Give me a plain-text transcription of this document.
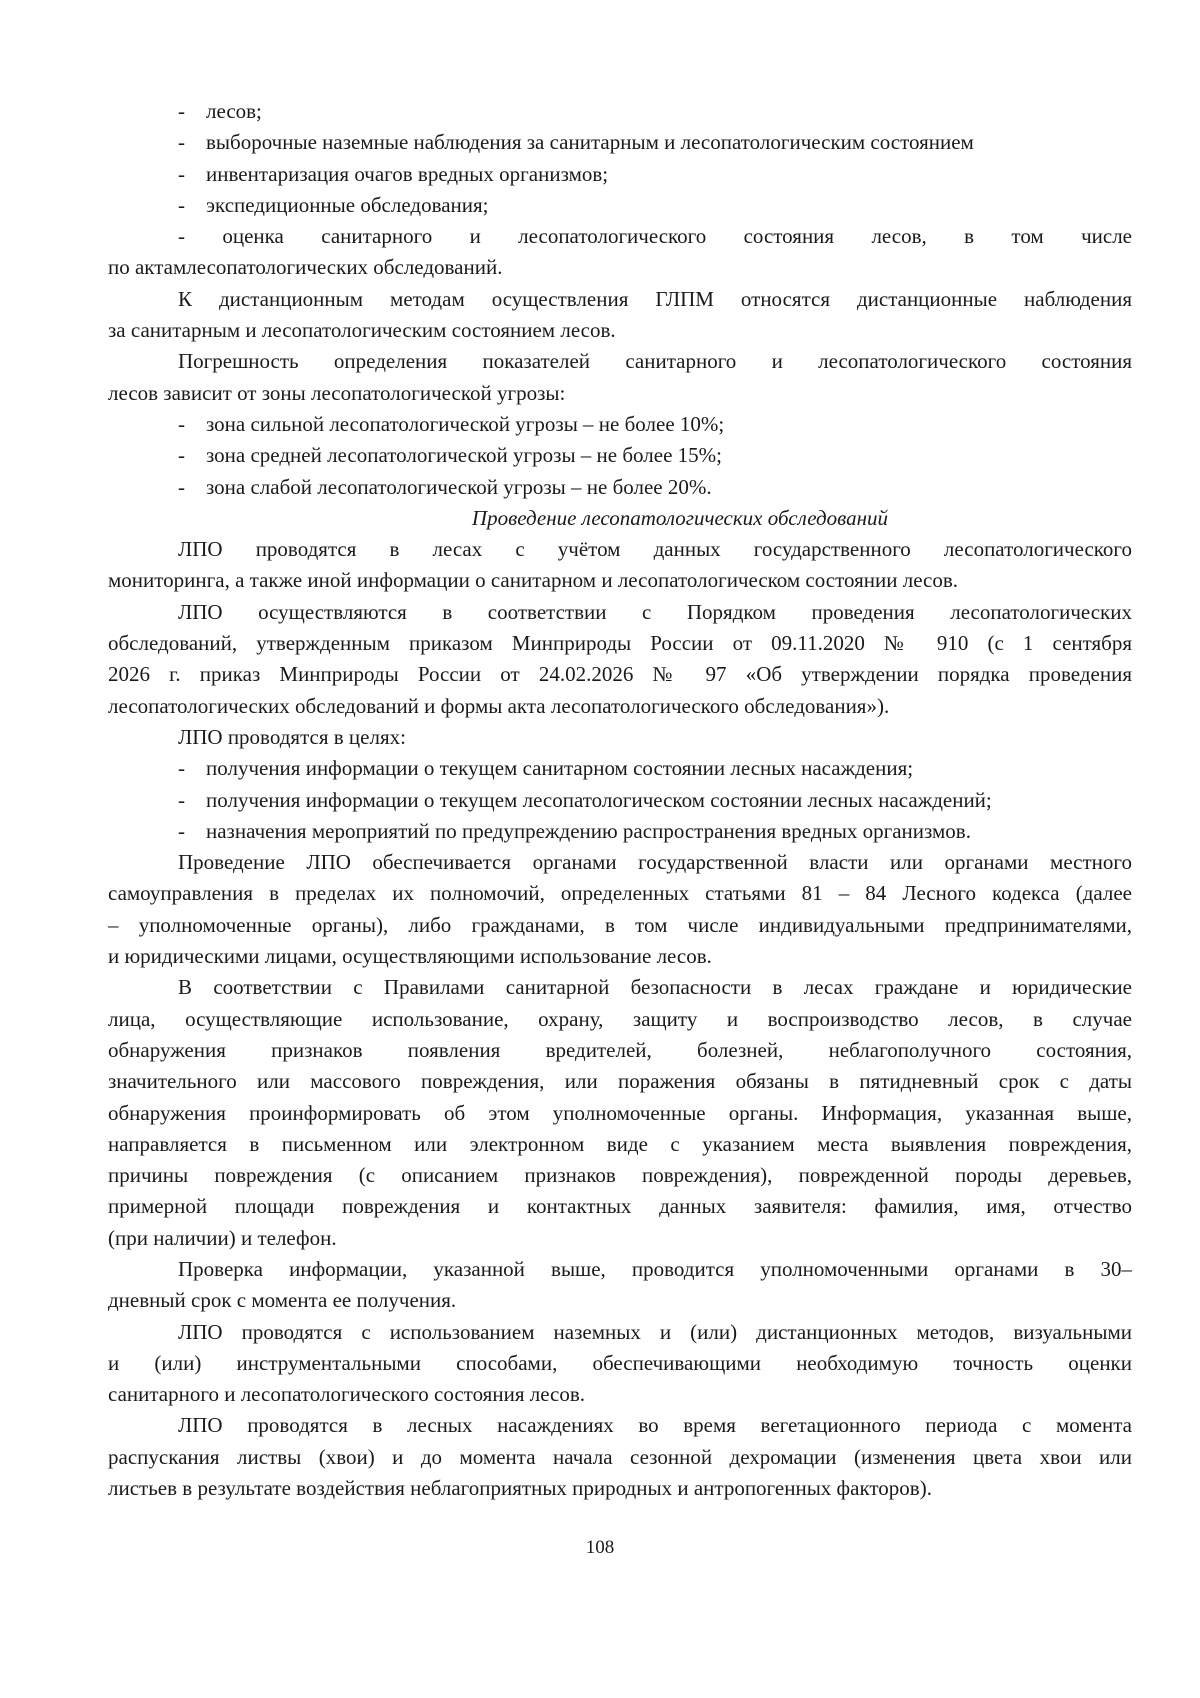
- лесов;
- выборочные наземные наблюдения за санитарным и лесопатологическим состоянием
- инвентаризация очагов вредных организмов;
- экспедиционные обследования;
- оценка санитарного и лесопатологического состояния лесов, в том числе
по актамлесопатологических обследований.
К дистанционным методам осуществления ГЛПМ относятся дистанционные наблюдения
за санитарным и лесопатологическим состоянием лесов.
Погрешность определения показателей санитарного и лесопатологического состояния
лесов зависит от зоны лесопатологической угрозы:
- зона сильной лесопатологической угрозы – не более 10%;
- зона средней лесопатологической угрозы – не более 15%;
- зона слабой лесопатологической угрозы – не более 20%.
Проведение лесопатологических обследований
ЛПО проводятся в лесах с учётом данных государственного лесопатологического
мониторинга, а также иной информации о санитарном и лесопатологическом состоянии лесов.
ЛПО осуществляются в соответствии с Порядком проведения лесопатологических
обследований, утвержденным приказом Минприроды России от 09.11.2020 № 910 (с 1 сентября
2026 г. приказ Минприроды России от 24.02.2026 № 97 «Об утверждении порядка проведения
лесопатологических обследований и формы акта лесопатологического обследования»).
ЛПО проводятся в целях:
- получения информации о текущем санитарном состоянии лесных насаждения;
- получения информации о текущем лесопатологическом состоянии лесных насаждений;
- назначения мероприятий по предупреждению распространения вредных организмов.
Проведение ЛПО обеспечивается органами государственной власти или органами местного
самоуправления в пределах их полномочий, определенных статьями 81 – 84 Лесного кодекса (далее
– уполномоченные органы), либо гражданами, в том числе индивидуальными предпринимателями,
и юридическими лицами, осуществляющими использование лесов.
В соответствии с Правилами санитарной безопасности в лесах граждане и юридические
лица, осуществляющие использование, охрану, защиту и воспроизводство лесов, в случае
обнаружения признаков появления вредителей, болезней, неблагополучного состояния,
значительного или массового повреждения, или поражения обязаны в пятидневный срок с даты
обнаружения проинформировать об этом уполномоченные органы. Информация, указанная выше,
направляется в письменном или электронном виде с указанием места выявления повреждения,
причины повреждения (с описанием признаков повреждения), поврежденной породы деревьев,
примерной площади повреждения и контактных данных заявителя: фамилия, имя, отчество
(при наличии) и телефон.
Проверка информации, указанной выше, проводится уполномоченными органами в 30–
дневный срок с момента ее получения.
ЛПО проводятся с использованием наземных и (или) дистанционных методов, визуальными
и (или) инструментальными способами, обеспечивающими необходимую точность оценки
санитарного и лесопатологического состояния лесов.
ЛПО проводятся в лесных насаждениях во время вегетационного периода с момента
распускания листвы (хвои) и до момента начала сезонной дехромации (изменения цвета хвои или
листьев в результате воздействия неблагоприятных природных и антропогенных факторов).
108
